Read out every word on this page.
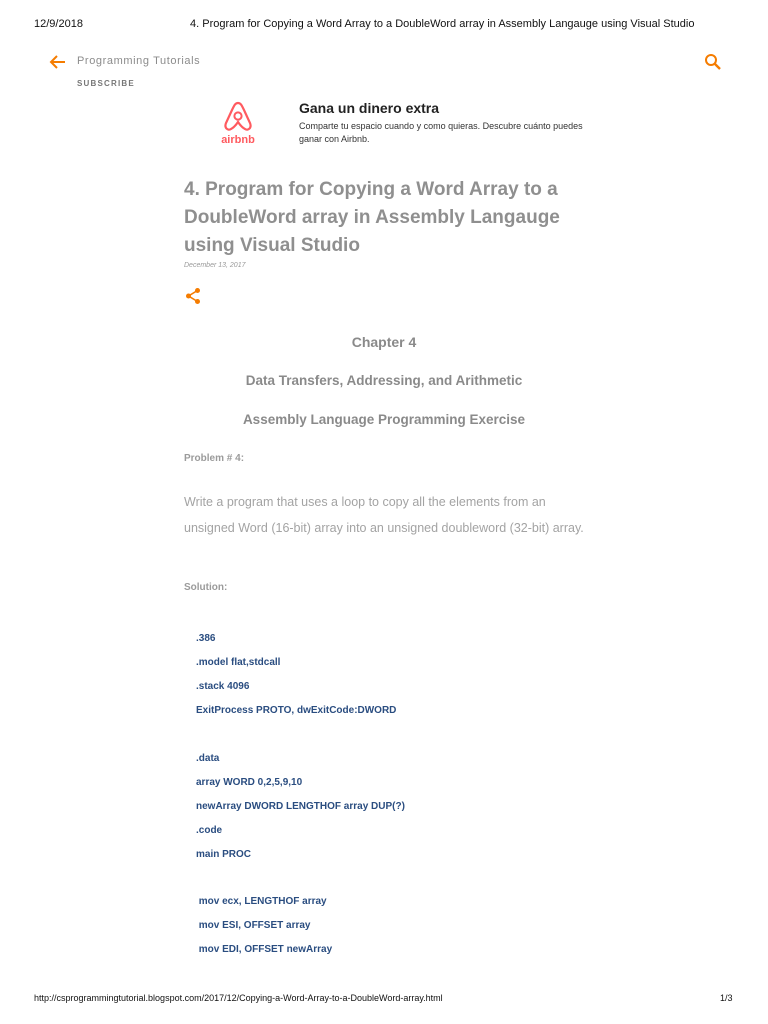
12/9/2018	4. Program for Copying a Word Array to a DoubleWord array in Assembly Langauge using Visual Studio
Programming Tutorials
SUBSCRIBE
airbnb
Gana un dinero extra
Comparte tu espacio cuando y como quieras. Descubre cuánto puedes ganar con Airbnb.
4. Program for Copying a Word Array to a DoubleWord array in Assembly Langauge using Visual Studio
December 13, 2017
Chapter 4
Data Transfers, Addressing, and Arithmetic
Assembly Language Programming Exercise
Problem # 4:
Write a program that uses a loop to copy all the elements from an unsigned Word (16-bit) array into an unsigned doubleword (32-bit) array.
Solution:
.386
.model flat,stdcall
.stack 4096
ExitProcess PROTO, dwExitCode:DWORD
.data
array WORD 0,2,5,9,10
newArray DWORD LENGTHOF array DUP(?)
.code
main PROC
mov ecx, LENGTHOF array
mov ESI, OFFSET array
mov EDI, OFFSET newArray
http://csprogrammingtutorial.blogspot.com/2017/12/Copying-a-Word-Array-to-a-DoubleWord-array.html	1/3
